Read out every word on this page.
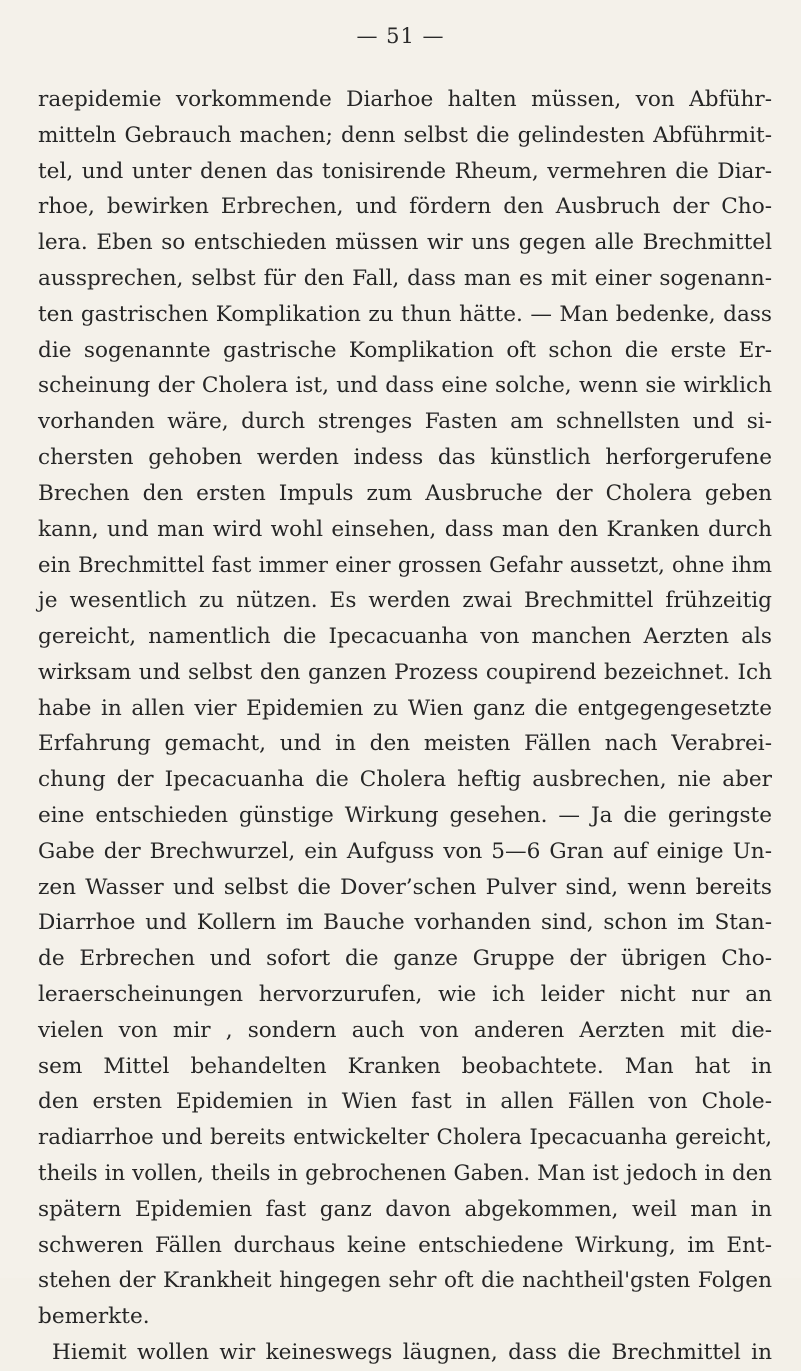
— 51 —
raepidemie vorkommende Diarhoe halten müssen, von Abführ-
mitteln Gebrauch machen; denn selbst die gelindesten Abführmit-
tel, und unter denen das tonisirende Rheum, vermehren die Diar-
rhoe, bewirken Erbrechen, und fördern den Ausbruch der Cho-
lera. Eben so entschieden müssen wir uns gegen alle Brechmittel
aussprechen, selbst für den Fall, dass man es mit einer sogenann-
ten gastrischen Komplikation zu thun hätte. — Man bedenke, dass
die sogenannte gastrische Komplikation oft schon die erste Er-
scheinung der Cholera ist, und dass eine solche, wenn sie wirklich
vorhanden wäre, durch strenges Fasten am schnellsten und si-
chersten gehoben werden indess das künstlich herforgerufene
Brechen den ersten Impuls zum Ausbruche der Cholera geben
kann, und man wird wohl einsehen, dass man den Kranken durch
ein Brechmittel fast immer einer grossen Gefahr aussetzt, ohne ihm
je wesentlich zu nützen. Es werden zwai Brechmittel frühzeitig
gereicht, namentlich die Ipecacuanha von manchen Aerzten als
wirksam und selbst den ganzen Prozess coupirend bezeichnet. Ich
habe in allen vier Epidemien zu Wien ganz die entgegengesetzte
Erfahrung gemacht, und in den meisten Fällen nach Verabrei-
chung der Ipecacuanha die Cholera heftig ausbrechen, nie aber
eine entschieden günstige Wirkung gesehen. — Ja die geringste
Gabe der Brechwurzel, ein Aufguss von 5—6 Gran auf einige Un-
zen Wasser und selbst die Dover’schen Pulver sind, wenn bereits
Diarrhoe und Kollern im Bauche vorhanden sind, schon im Stan-
de Erbrechen und sofort die ganze Gruppe der übrigen Cho-
leraerscheinungen hervorzurufen, wie ich leider nicht nur an
vielen von mir , sondern auch von anderen Aerzten mit die-
sem Mittel behandelten Kranken beobachtete. Man hat in
den ersten Epidemien in Wien fast in allen Fällen von Chole-
radiarrhoe und bereits entwickelter Cholera Ipecacuanha gereicht,
theils in vollen, theils in gebrochenen Gaben. Man ist jedoch in den
spätern Epidemien fast ganz davon abgekommen, weil man in
schweren Fällen durchaus keine entschiedene Wirkung, im Ent-
stehen der Krankheit hingegen sehr oft die nachtheil'gsten Folgen
bemerkte.
Hiemit wollen wir keineswegs läugnen, dass die Brechmittel in
